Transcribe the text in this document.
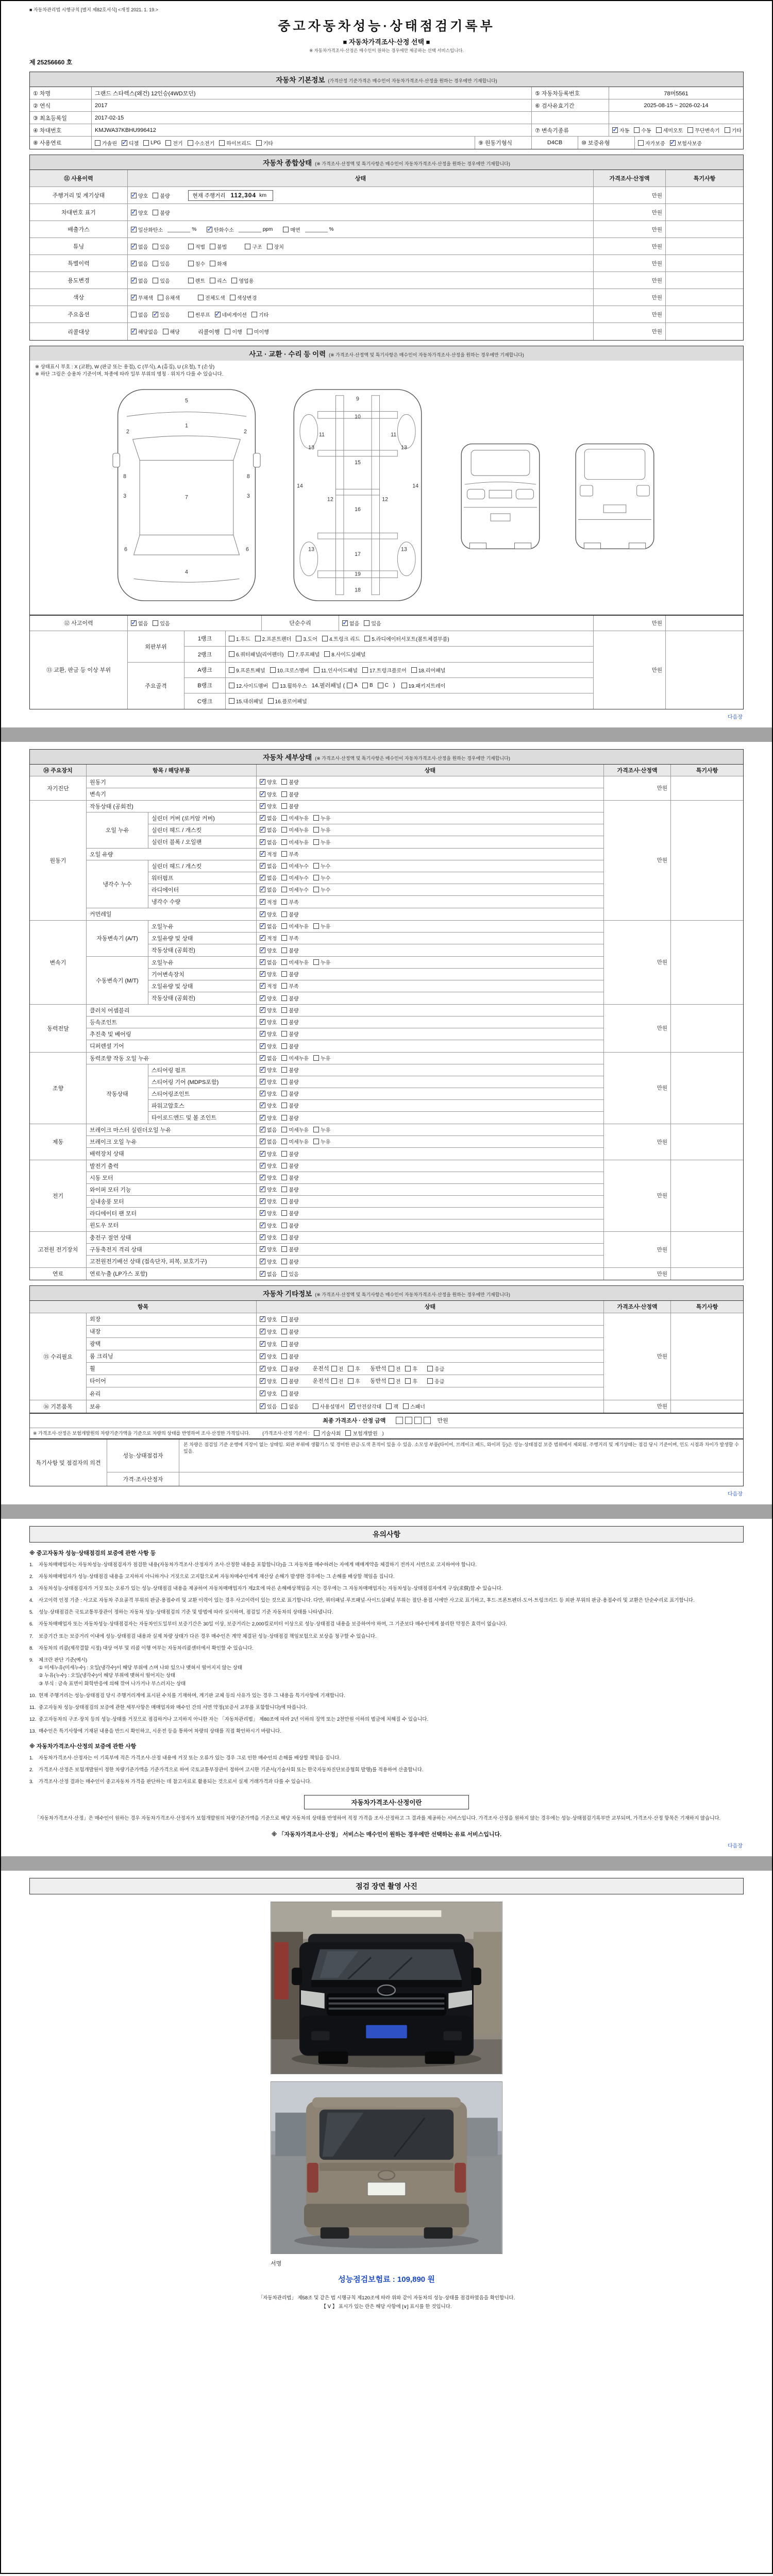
■ 자동차관리법 시행규칙 [별지 제82호서식] <개정 2021. 1. 19.>
중고자동차성능·상태점검기록부
■ 자동차가격조사·산정 선택 ■
※ 자동차가격조사·산정은 매수인이 원하는 경우에만 제공하는 선택 서비스입니다.
제 25256660 호
자동차 기본정보 (가격산정 기준가격은 매수인이 자동차가격조사·산정을 원하는 경우에만 기재합니다)
① 차명	그랜드 스타렉스(왜건) 12인승(4WD모던)	⑤ 자동차등록번호	78머5561
② 연식	2017	⑥ 검사유효기간	2025-08-15 ~ 2026-02-14
③ 최초등록일	2017-02-15
④ 차대번호	KMJWA37KBHU996412	⑦ 변속기종류 ✓	자동 수동 세미오토 무단변속기 기타
⑧ 사용연료	가솔린 ✓ 디젤 LPG 전기 수소전기 하이브리드 기타	⑨ 원동기형식	D4CB	⑩ 보증유형	자가보증 ✓ 보험사보증
자동차 종합상태 (※ 가격조사·산정액 및 특기사항은 매수인이 자동차가격조사·산정을 원하는 경우에만 기재합니다)
⑪ 사용이력	상태	가격조사·산정액	특기사항
주행거리 및 계기상태 ✓	양호 불량	현재 주행거리 112,304 km	만원
차대번호 표기 ✓	양호 불량	만원
배출가스 ✓	일산화탄소	% ✓	탄화수소	ppm	매연	%	만원
튜닝 ✓	없음 있음	적법 불법	구조 장치	만원
특별이력 ✓	없음 있음	침수 화재	만원
용도변경 ✓	없음 있음	렌트 리스 영업용	만원
색상 ✓	무채색 유채색	전체도색 색상변경	만원
주요옵션	없음 ✓ 있음	썬루프 ✓ 네비게이션 기타	만원
리콜대상 ✓	해당없음 해당	리콜이행 이행 미이행	만원
사고 · 교환 · 수리 등 이력 (※ 가격조사·산정액 및 특기사항은 매수인이 자동차가격조사·산정을 원하는 경우에만 기재합니다)
※ 상태표시 부호 : X (교환), W (판금 또는 용접), C (부식), A (흠집), U (요철), T (손상)
※ 하단 그림은 승용차 기준이며, 차종에 따라 일부 부위의 명칭 · 위치가 다를 수 있습니다.
5
1
2	2
8	8
3	7	3
6	6
4
9
10
11	11
13	13
15
14	14
12	12
16
13	13
17
19
18
⑫ 사고이력 ✓	없음 있음	단순수리 ✓	없음 있음	만원
⑬ 교환, 판금 등 이상 부위
외판부위
1랭크	1.후드 2.프론트펜더 3.도어 4.트렁크 리드 5.라디에이터서포트(볼트체결부품)
2랭크	6.쿼터패널(리어펜더) 7.루프패널 8.사이드실패널
주요골격
A랭크	9.프론트패널 10.크로스멤버 11.인사이드패널 17.트렁크플로어 18.리어패널
B랭크	12.사이드멤버 13.휠하우스 14.필러패널 ( A B C )	19.패키지트레이
C랭크	15.대쉬패널 16.플로어패널
만원
다음장
자동차 세부상태 (※ 가격조사·산정액 및 특기사항은 매수인이 자동차가격조사·산정을 원하는 경우에만 기재합니다)
⑭ 주요장치	항목 / 해당부품	상태	가격조사·산정액	특기사항
자기진단
원동기 ✓	양호 불량
변속기 ✓	양호 불량
만원
원동기
작동상태 (공회전) ✓	양호 불량
오일 누유
실린더 커버 (로커암 커버) ✓	없음 미세누유 누유
실린더 헤드 / 개스킷 ✓	없음 미세누유 누유
실린더 블록 / 오일팬 ✓	없음 미세누유 누유
오일 유량 ✓	적정 부족
냉각수 누수
실린더 헤드 / 개스킷 ✓	없음 미세누수 누수
워터펌프 ✓	없음 미세누수 누수
라디에이터 ✓	없음 미세누수 누수
냉각수 수량 ✓	적정 부족
커먼레일 ✓	양호 불량
만원
변속기
자동변속기 (A/T)
오일누유 ✓	없음 미세누유 누유
오일유량 및 상태 ✓	적정 부족
작동상태 (공회전) ✓	양호 불량
수동변속기 (M/T)
오일누유 ✓	없음 미세누유 누유
기어변속장치 ✓	양호 불량
오일유량 및 상태 ✓	적정 부족
작동상태 (공회전) ✓	양호 불량
만원
동력전달
클러치 어셈블리 ✓	양호 불량
등속조인트 ✓	양호 불량
추진축 및 베어링 ✓	양호 불량
디퍼렌셜 기어 ✓	양호 불량
만원
조향
동력조향 작동 오일 누유 ✓	없음 미세누유 누유
작동상태
스티어링 펌프 ✓	양호 불량
스티어링 기어 (MDPS포함) ✓	양호 불량
스티어링조인트 ✓	양호 불량
파워고압호스 ✓	양호 불량
타이로드엔드 및 볼 조인트 ✓	양호 불량
만원
제동
브레이크 마스터 실린더오일 누유 ✓	없음 미세누유 누유
브레이크 오일 누유 ✓	없음 미세누유 누유
배력장치 상태 ✓	양호 불량
만원
전기
발전기 출력 ✓	양호 불량
시동 모터 ✓	양호 불량
와이퍼 모터 기능 ✓	양호 불량
실내송풍 모터 ✓	양호 불량
라디에이터 팬 모터 ✓	양호 불량
윈도우 모터 ✓	양호 불량
만원
고전원 전기장치
충전구 절연 상태 ✓	양호 불량
구동축전지 격리 상태 ✓	양호 불량
고전원전기배선 상태 (접속단자, 피복, 보호기구) ✓	양호 불량
만원
연료	연료누출 (LP가스 포함) ✓	없음 있음	만원
자동차 기타정보 (※ 가격조사·산정액 및 특기사항은 매수인이 자동차가격조사·산정을 원하는 경우에만 기재합니다)
항목	상태	가격조사·산정액	특기사항
⑮ 수리필요
외장 ✓	양호 불량
내장 ✓	양호 불량
광택 ✓	양호 불량
룸 크리닝 ✓	양호 불량
휠 ✓	양호 불량 운전석 전 후 동반석 전 후	응급
타이어 ✓	양호 불량 운전석 전 후 동반석 전 후	응급
유리 ✓	양호 불량
만원
⑯ 기본품목	보유 ✓	있음 없음	사용설명서 ✓ 안전삼각대 잭 스패너	만원
최종 가격조사 · 산정 금액	만원
※ 가격조사·산정은 보험개발원의 차량기준가액을 기준으로 차량의 상태를 반영하여 조사·산정한 가격입니다.	(가격조사·산정 기준서 : 기술사회 보험개발원 )
특기사항 및 점검자의 의견
성능·상태점검자
본 차량은 점검일 기준 운행에 지장이 없는 상태임. 외판 부위에 생활기스 및 경미한 판금·도색 흔적이 있을 수 있음. 소모성 부품(타이어, 브레이크 패드, 와이퍼 등)은 성능·상태점검 보증 범위에서 제외됨. 주행거리 및 계기상태는 점검 당시 기준이며, 인도 시점과 차이가 발생할 수 있음.
가격·조사산정자
다음장
유의사항
※ 중고자동차 성능·상태점검의 보증에 관한 사항 등
1.	자동차매매업자는 자동차성능·상태점검자가 점검한 내용(자동차가격조사·산정자가 조사·산정한 내용을 포함합니다)을 그 자동차를 매수하려는 자에게 매매계약을 체결하기 전까지 서면으로 고지하여야 합니다.
2.	자동차매매업자가 성능·상태점검 내용을 고지하지 아니하거나 거짓으로 고지함으로써 자동차매수인에게 재산상 손해가 발생한 경우에는 그 손해를 배상할 책임을 집니다.
3.	자동차성능·상태점검자가 거짓 또는 오류가 있는 성능·상태점검 내용을 제공하여 자동차매매업자가 제2호에 따른 손해배상책임을 지는 경우에는 그 자동차매매업자는 자동차성능·상태점검자에게 구상(求償)할 수 있습니다.
4.	사고이력 인정 기준 : 사고로 자동차 주요골격 부위의 판금·용접수리 및 교환 이력이 있는 경우 사고이력이 있는 것으로 표기합니다. 다만, 쿼터패널·루프패널·사이드실패널 부위는 절단·용접 시에만 사고로 표기하고, 후드·프론트펜더·도어·트렁크리드 등 외판 부위의 판금·용접수리 및 교환은 단순수리로 표기합니다.
5.	성능·상태점검은 국토교통부장관이 정하는 자동차 성능·상태점검의 기준 및 방법에 따라 실시하며, 점검일 기준 자동차의 상태를 나타냅니다.
6.	자동차매매업자 또는 자동차성능·상태점검자는 자동차인도일부터 보증기간은 30일 이상, 보증거리는 2,000킬로미터 이상으로 성능·상태점검 내용을 보증하여야 하며, 그 기준보다 매수인에게 불리한 약정은 효력이 없습니다.
7.	보증기간 또는 보증거리 이내에 성능·상태점검 내용과 실제 차량 상태가 다른 경우 매수인은 계약 체결된 성능·상태점검 책임보험으로 보상을 청구할 수 있습니다.
8.	자동차의 리콜(제작결함 시정) 대상 여부 및 리콜 이행 여부는 자동차리콜센터에서 확인할 수 있습니다.
9.	체크란 판단 기준(예시)
① 미세누유(미세누수) : 오일(냉각수)이 해당 부위에 스며 나와 있으나 맺혀서 떨어지지 않는 상태
② 누유(누수) : 오일(냉각수)이 해당 부위에 맺혀서 떨어지는 상태
③ 부식 : 금속 표면이 화학반응에 의해 깎여 나가거나 부스러지는 상태
10. 현재 주행거리는 성능·상태점검 당시 주행거리계에 표시된 수치를 기재하며, 계기판 교체 등의 사유가 있는 경우 그 내용을 특기사항에 기재합니다.
11. 중고자동차 성능·상태점검의 보증에 관한 세부사항은 매매업자와 매수인 간의 서면 약정(보증서 교부를 포함합니다)에 따릅니다.
12. 중고자동차의 구조·장치 등의 성능·상태를 거짓으로 점검하거나 고지하지 아니한 자는 「자동차관리법」 제80조에 따라 2년 이하의 징역 또는 2천만원 이하의 벌금에 처해질 수 있습니다.
13. 매수인은 특기사항에 기재된 내용을 반드시 확인하고, 시운전 등을 통하여 차량의 상태를 직접 확인하시기 바랍니다.
※ 자동차가격조사·산정의 보증에 관한 사항
1.	자동차가격조사·산정자는 이 기록부에 적은 가격조사·산정 내용에 거짓 또는 오류가 있는 경우 그로 인한 매수인의 손해를 배상할 책임을 집니다.
2.	가격조사·산정은 보험개발원이 정한 차량기준가액을 기준가격으로 하여 국토교통부장관이 정하여 고시한 기준서(기술사회 또는 한국자동차진단보증협회 발행)를 적용하여 산출합니다.
3.	가격조사·산정 결과는 매수인이 중고자동차 가격을 판단하는 데 참고자료로 활용되는 것으로서 실제 거래가격과 다를 수 있습니다.
자동차가격조사·산정이란
「자동차가격조사·산정」은 매수인이 원하는 경우 자동차가격조사·산정자가 보험개발원의 차량기준가액을 기준으로 해당 자동차의 상태를 반영하여 적정 가격을 조사·산정하고 그 결과를 제공하는 서비스입니다. 가격조사·산정을 원하지 않는 경우에는 성능·상태점검기록부만 교부되며, 가격조사·산정 항목은 기재하지 않습니다.
※ 「자동차가격조사·산정」 서비스는 매수인이 원하는 경우에만 선택하는 유료 서비스입니다.
다음장
점검 장면 촬영 사진
서명
성능점검보험료 : 109,890 원
「자동차관리법」 제58조 및 같은 법 시행규칙 제120조에 따라 위와 같이 자동차의 성능·상태를 점검하였음을 확인합니다.
【 Ⅴ 】 표시가 있는 란은 해당 사항에 [∨] 표시를 한 것입니다.
